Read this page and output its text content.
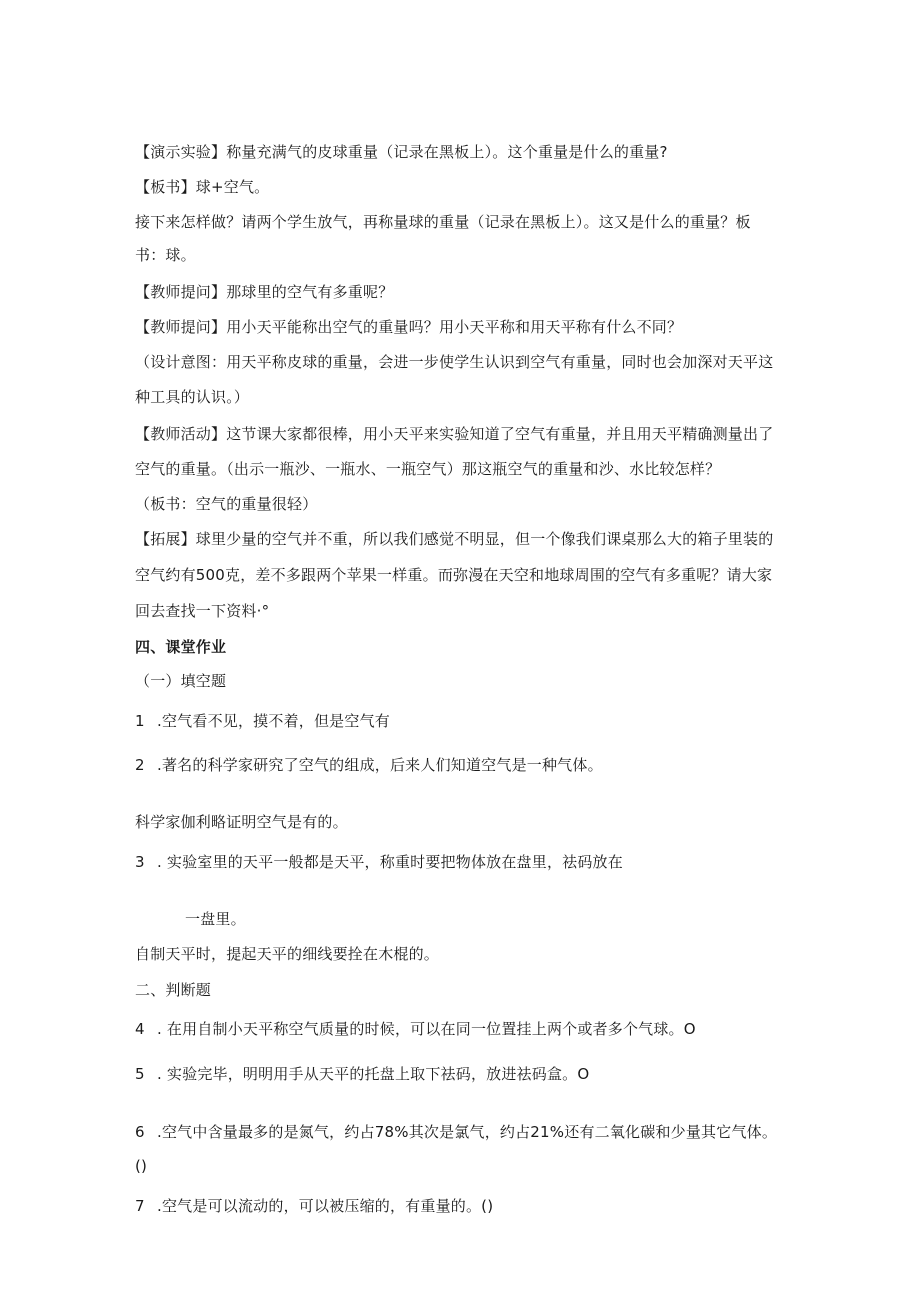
【演示实验】称量充满气的皮球重量（记录在黑板上）。这个重量是什么的重量?
【板书】球+空气。
接下来怎样做？请两个学生放气，再称量球的重量（记录在黑板上）。这又是什么的重量？板
书：球。
【教师提问】那球里的空气有多重呢？
【教师提问】用小天平能称出空气的重量吗？用小天平称和用天平称有什么不同？
（设计意图：用天平称皮球的重量，会进一步使学生认识到空气有重量，同时也会加深对天平这
种工具的认识。）
【教师活动】这节课大家都很棒，用小天平来实验知道了空气有重量，并且用天平精确测量出了
空气的重量。（出示一瓶沙、一瓶水、一瓶空气）那这瓶空气的重量和沙、水比较怎样？
（板书：空气的重量很轻）
【拓展】球里少量的空气并不重，所以我们感觉不明显，但一个像我们课桌那么大的箱子里装的
空气约有500克，差不多跟两个苹果一样重。而弥漫在天空和地球周围的空气有多重呢？请大家
回去查找一下资料·°
四、课堂作业
（一）填空题
1 .空气看不见，摸不着，但是空气有
2 .著名的科学家研究了空气的组成，后来人们知道空气是一种气体。
科学家伽利略证明空气是有的。
3 . 实验室里的天平一般都是天平，称重时要把物体放在盘里，祛码放在
一盘里。
自制天平时，提起天平的细线要拴在木棍的。
二、判断题
4 . 在用自制小天平称空气质量的时候，可以在同一位置挂上两个或者多个气球。O
5 . 实验完毕，明明用手从天平的托盘上取下祛码，放进祛码盒。O
6 .空气中含量最多的是氮气，约占78%其次是氯气，约占21%还有二氧化碳和少量其它气体。
()
7 .空气是可以流动的，可以被压缩的，有重量的。()
